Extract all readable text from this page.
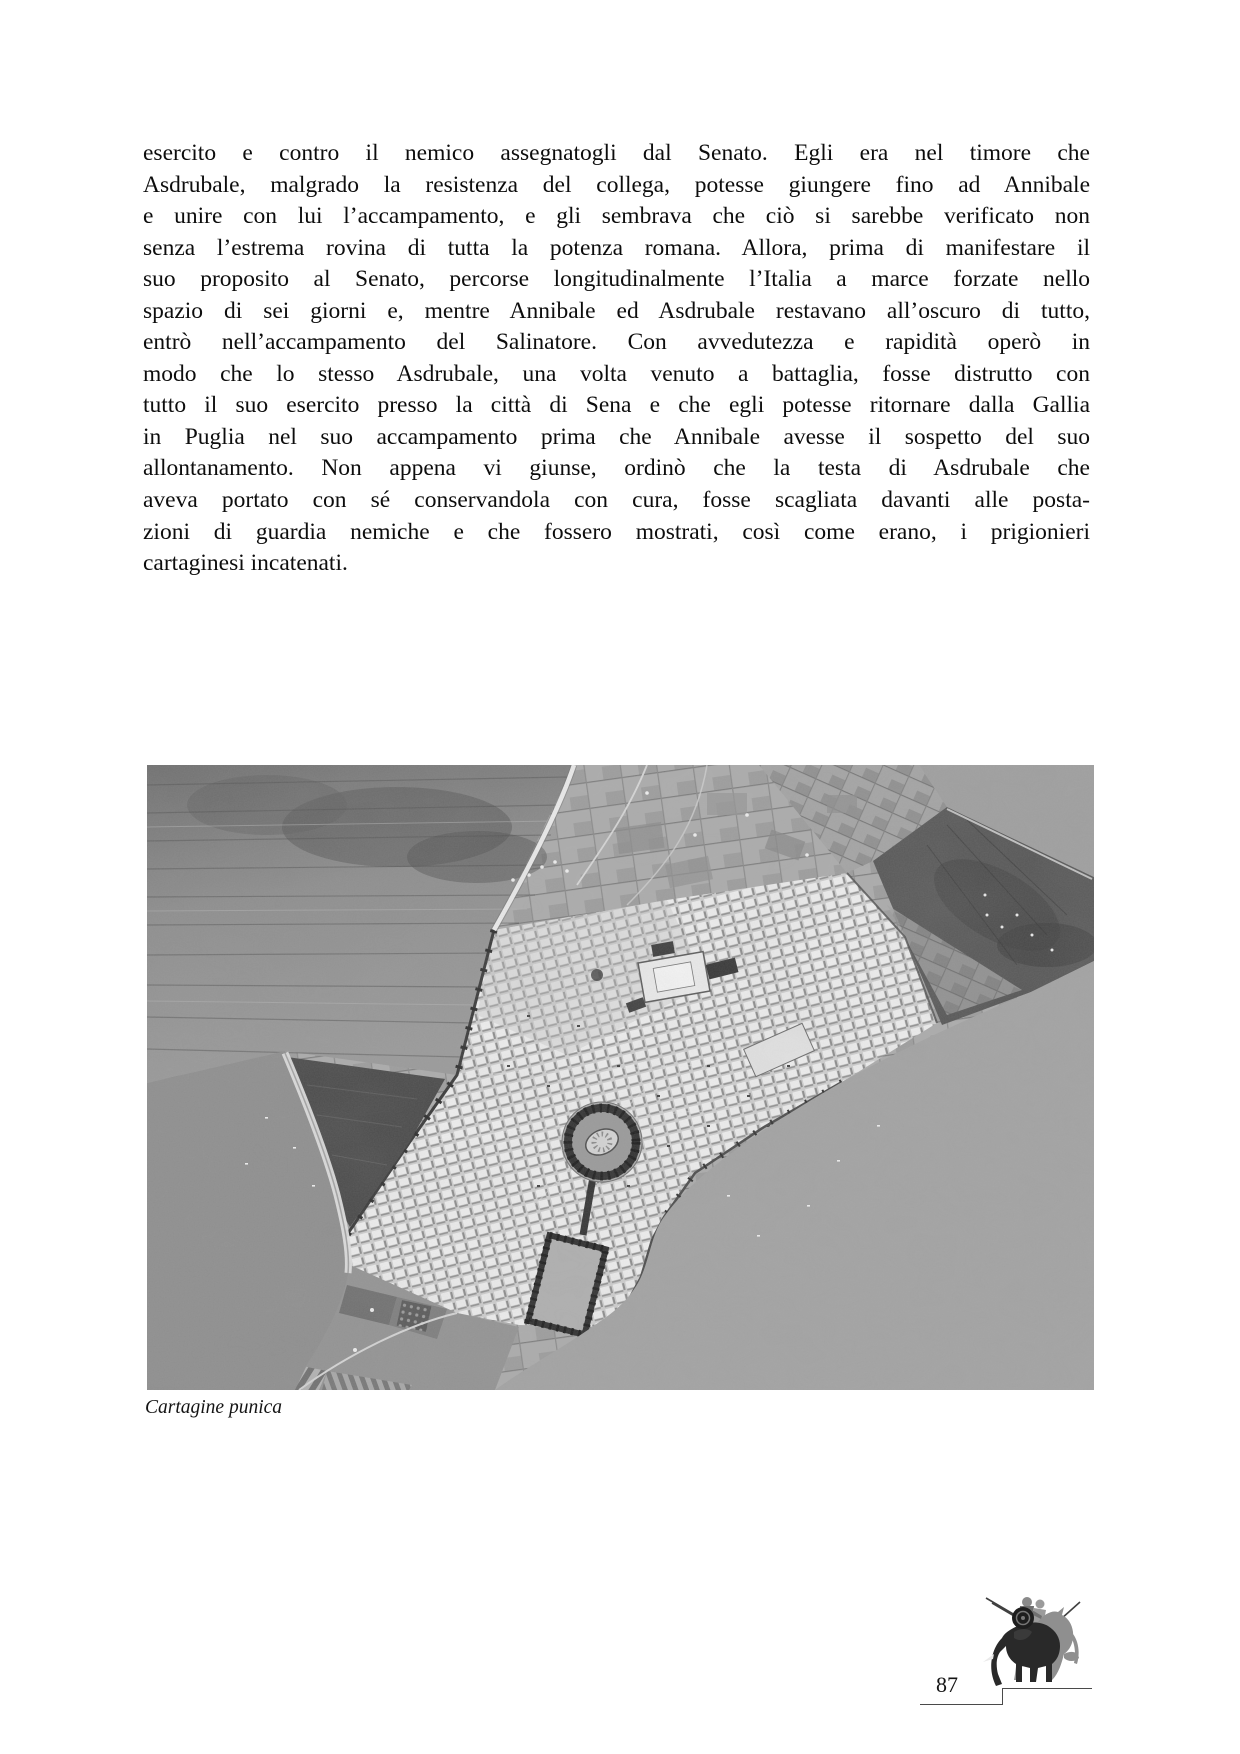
esercito e contro il nemico assegnatogli dal Senato. Egli era nel timore che
Asdrubale, malgrado la resistenza del collega, potesse giungere fino ad Annibale
e unire con lui l’accampamento, e gli sembrava che ciò si sarebbe verificato non
senza l’estrema rovina di tutta la potenza romana. Allora, prima di manifestare il
suo proposito al Senato, percorse longitudinalmente l’Italia a marce forzate nello
spazio di sei giorni e, mentre Annibale ed Asdrubale restavano all’oscuro di tutto,
entrò nell’accampamento del Salinatore. Con avvedutezza e rapidità operò in
modo che lo stesso Asdrubale, una volta venuto a battaglia, fosse distrutto con
tutto il suo esercito presso la città di Sena e che egli potesse ritornare dalla Gallia
in Puglia nel suo accampamento prima che Annibale avesse il sospetto del suo
allontanamento. Non appena vi giunse, ordinò che la testa di Asdrubale che
aveva portato con sé conservandola con cura, fosse scagliata davanti alle posta-
zioni di guardia nemiche e che fossero mostrati, così come erano, i prigionieri
cartaginesi incatenati.
Cartagine punica
87
